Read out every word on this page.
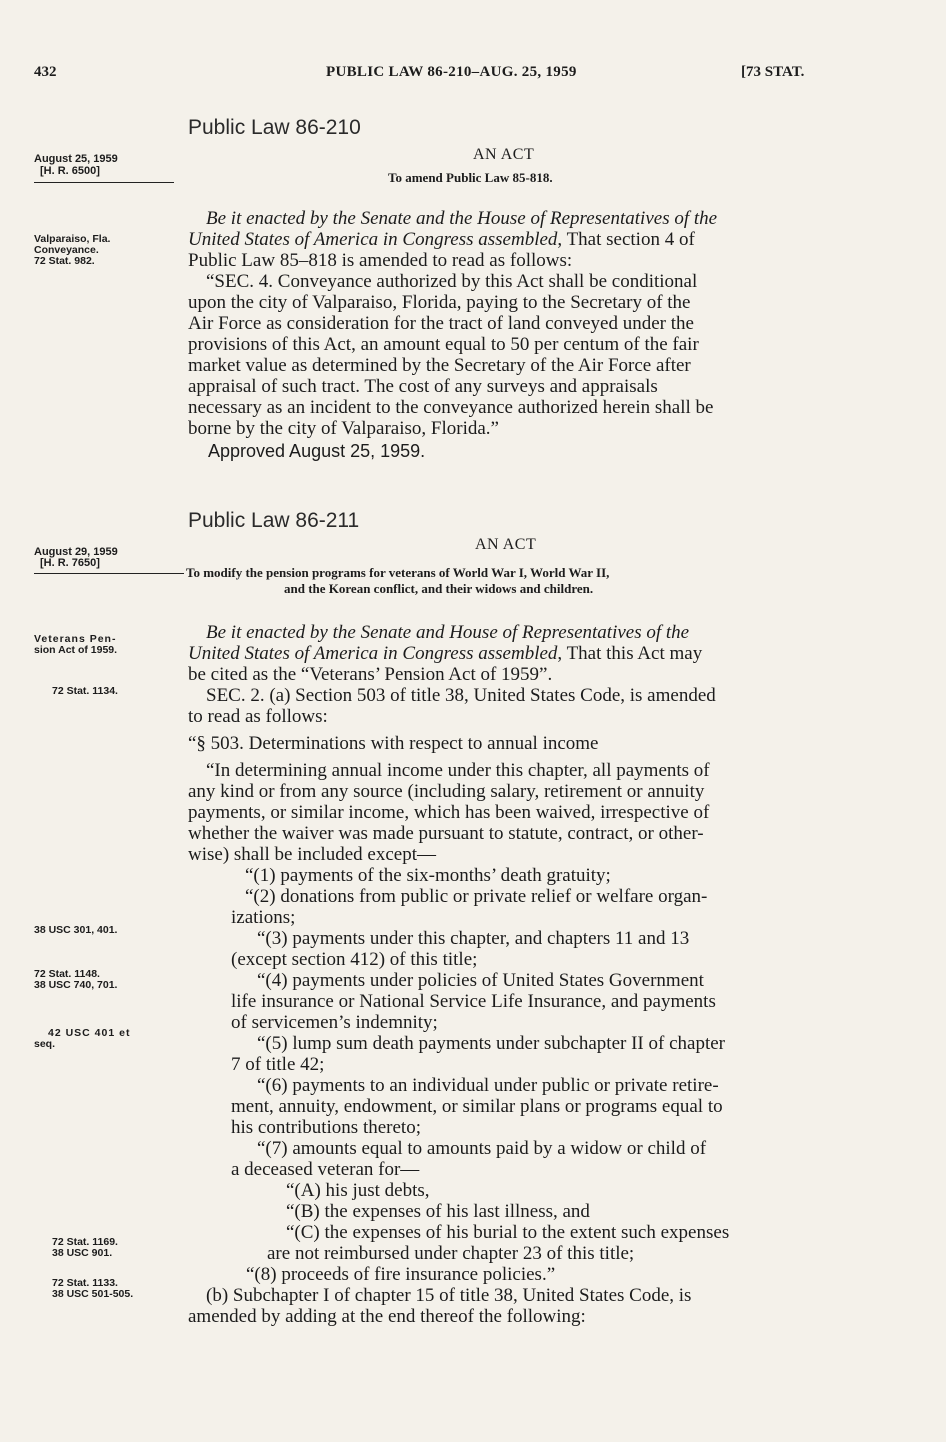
432	PUBLIC LAW 86-210–AUG. 25, 1959	[73 STAT.
Public Law 86-210
AN ACT
August 25, 1959
[H. R. 6500]	To amend Public Law 85-818.
Valparaiso, Fla.
Conveyance.
72 Stat. 982.
Be it enacted by the Senate and the House of Representatives of the
United States of America in Congress assembled, That section 4 of
Public Law 85–818 is amended to read as follows:
“SEC. 4. Conveyance authorized by this Act shall be conditional
upon the city of Valparaiso, Florida, paying to the Secretary of the
Air Force as consideration for the tract of land conveyed under the
provisions of this Act, an amount equal to 50 per centum of the fair
market value as determined by the Secretary of the Air Force after
appraisal of such tract. The cost of any surveys and appraisals
necessary as an incident to the conveyance authorized herein shall be
borne by the city of Valparaiso, Florida.”
Approved August 25, 1959.
Public Law 86-211
AN ACT
August 29, 1959
[H. R. 7650]
To modify the pension programs for veterans of World War I, World War II,
and the Korean conflict, and their widows and children.
Veterans Pen-
sion Act of 1959.
72 Stat. 1134.
Be it enacted by the Senate and House of Representatives of the
United States of America in Congress assembled, That this Act may
be cited as the “Veterans’ Pension Act of 1959”.
SEC. 2. (a) Section 503 of title 38, United States Code, is amended
to read as follows:
“§ 503. Determinations with respect to annual income
“In determining annual income under this chapter, all payments of
any kind or from any source (including salary, retirement or annuity
payments, or similar income, which has been waived, irrespective of
whether the waiver was made pursuant to statute, contract, or other-
wise) shall be included except—
“(1) payments of the six-months’ death gratuity;
“(2) donations from public or private relief or welfare organ-
izations;
38 USC 301, 401.	“(3) payments under this chapter, and chapters 11 and 13
(except section 412) of this title;
72 Stat. 1148.
38 USC 740, 701.	“(4) payments under policies of United States Government
life insurance or National Service Life Insurance, and payments
of servicemen’s indemnity;
42 USC 401 et
seq.	“(5) lump sum death payments under subchapter II of chapter
7 of title 42;
“(6) payments to an individual under public or private retire-
ment, annuity, endowment, or similar plans or programs equal to
his contributions thereto;
“(7) amounts equal to amounts paid by a widow or child of
a deceased veteran for—
“(A) his just debts,
“(B) the expenses of his last illness, and
“(C) the expenses of his burial to the extent such expenses
72 Stat. 1169.
38 USC 901.	are not reimbursed under chapter 23 of this title;
“(8) proceeds of fire insurance policies.”
72 Stat. 1133.
38 USC 501-505.	(b) Subchapter I of chapter 15 of title 38, United States Code, is
amended by adding at the end thereof the following:
